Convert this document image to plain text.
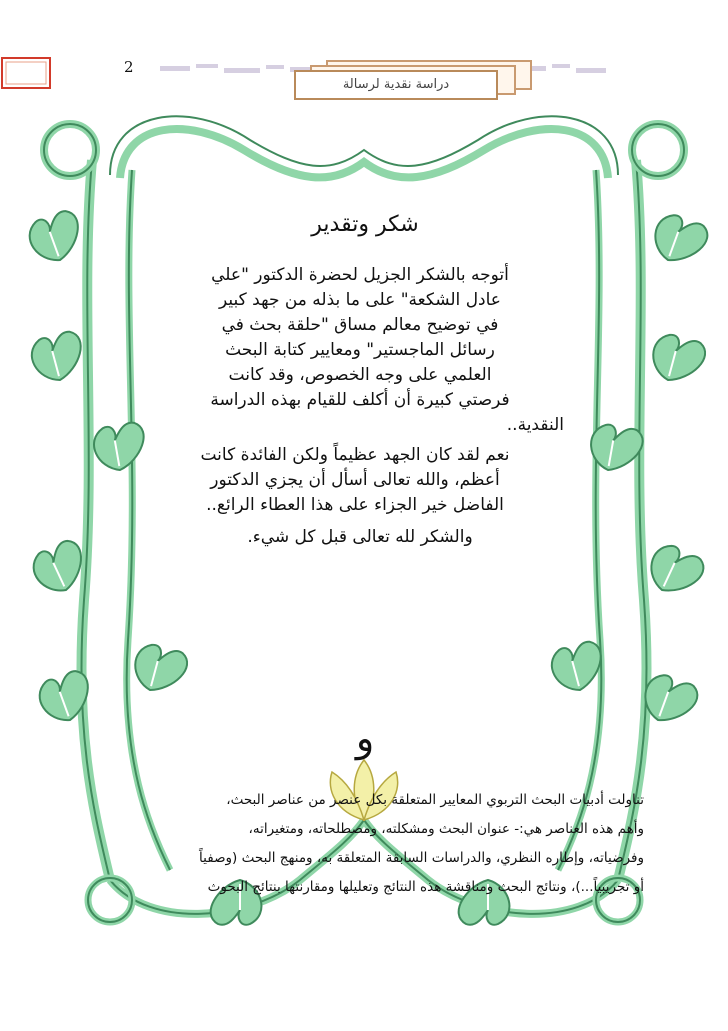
2
دراسة نقدية لرسالة
شكر وتقدير
أتوجه بالشكر الجزيل لحضرة الدكتور "علي
عادل الشكعة" على ما بذله من جهد كبير
في توضيح معالم مساق "حلقة بحث في
رسائل الماجستير" ومعايير كتابة البحث
العلمي على وجه الخصوص، وقد كانت
فرصتي كبيرة أن أكلف للقيام بهذه الدراسة
النقدية..
نعم لقد كان الجهد عظيماً ولكن الفائدة كانت
أعظم، والله تعالى أسأل أن يجزي الدكتور
الفاضل خير الجزاء على هذا العطاء الرائع..
والشكر لله تعالى قبل كل شيء.
و
تناولت أدبيات البحث التربوي المعايير المتعلقة بكل عنصر من عناصر البحث،
وأهم هذه العناصر هي:- عنوان البحث ومشكلته، ومصطلحاته، ومتغيراته،
وفرضياته، وإطاره النظري، والدراسات السابقة المتعلقة به، ومنهج البحث (وصفياً
أو تجريبياً...)، ونتائج البحث ومناقشة هذه النتائج وتعليلها ومقارنتها بنتائج البحوث
